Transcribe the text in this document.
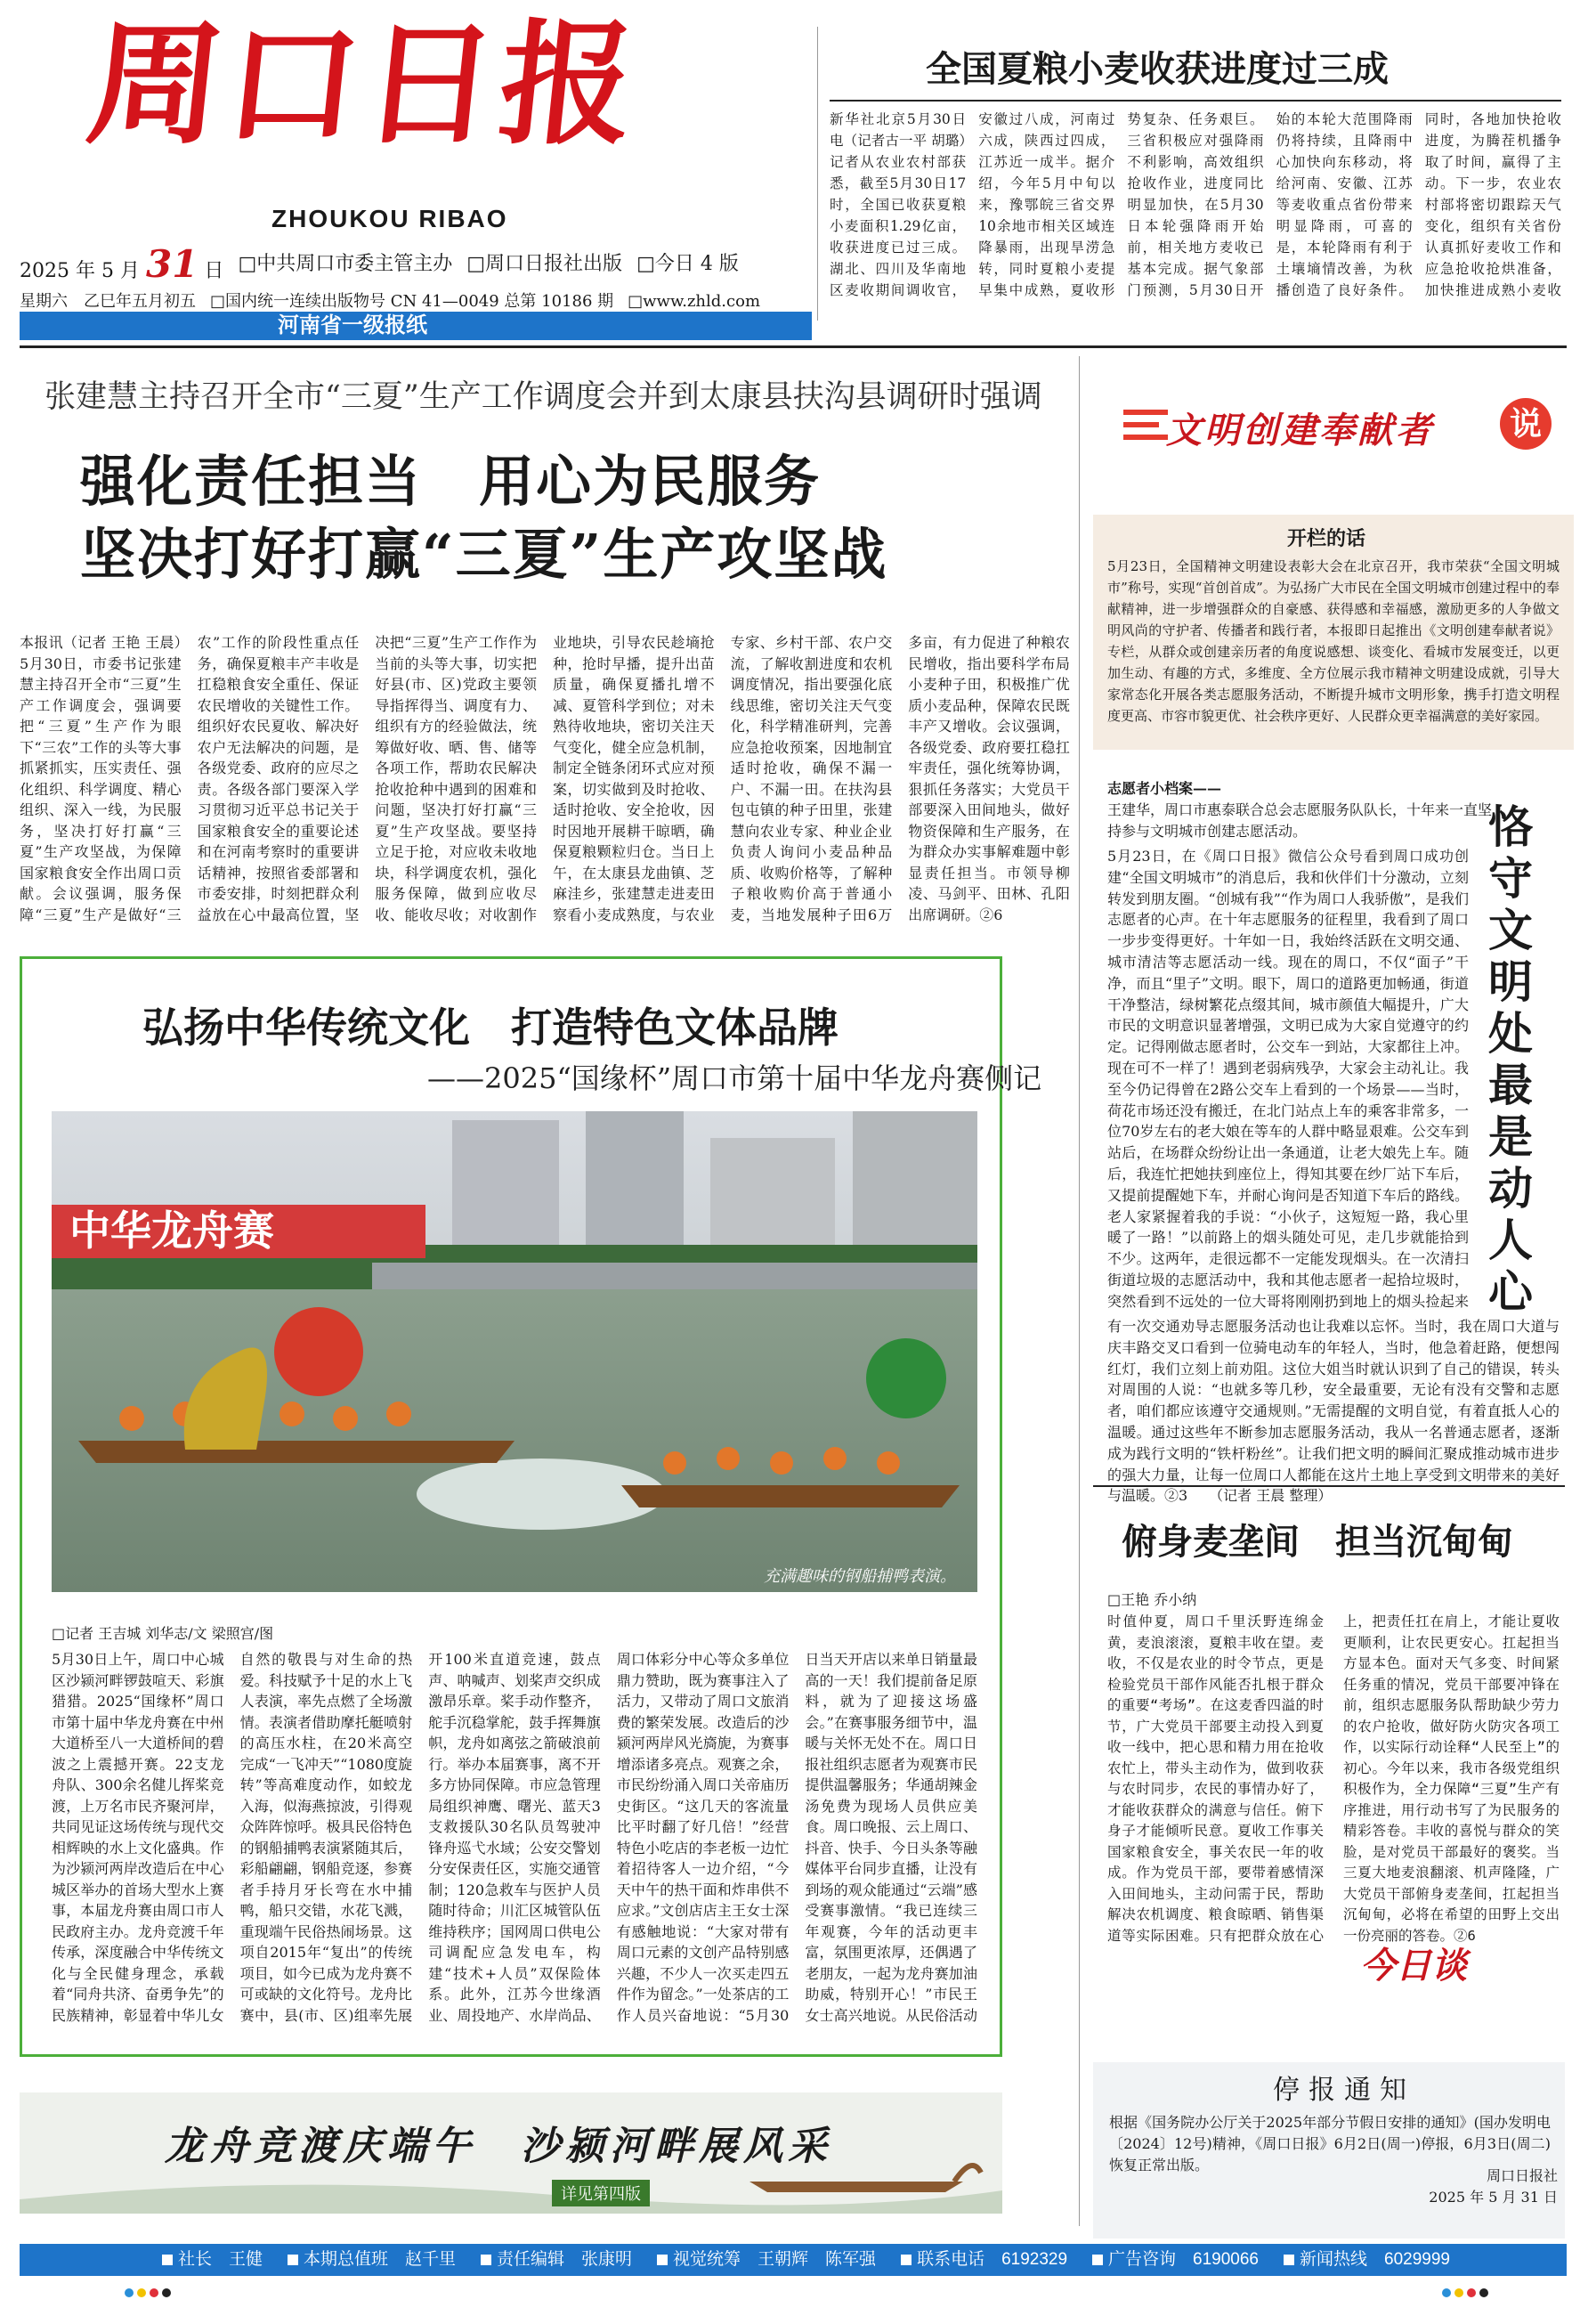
周口日报
ZHOUKOU RIBAO
2025 年 5 月 31 日 □中共周口市委主管主办 □周口日报社出版 □今日 4 版
星期六　乙巳年五月初五 □国内统一连续出版物号 CN 41—0049 总第 10186 期 □www.zhld.com
河南省一级报纸
全国夏粮小麦收获进度过三成
新华社北京5月30日电（记者古一平 胡璐）记者从农业农村部获悉，截至5月30日17时，全国已收获夏粮小麦面积1.29亿亩，收获进度已过三成。湖北、四川及华南地区麦收期间调收官，安徽过八成，河南过六成，陕西过四成，江苏近一成半。据介绍，今年5月中旬以来，豫鄂皖三省交界10余地市相关区域连降暴雨，出现旱涝急转，同时夏粮小麦提早集中成熟，夏收形势复杂、任务艰巨。三省积极应对强降雨不利影响，高效组织抢收作业，进度同比明显加快，在5月30日本轮强降雨开始前，相关地方麦收已基本完成。据气象部门预测，5月30日开始的本轮大范围降雨仍将持续，且降雨中心加快向东移动，将给河南、安徽、江苏等麦收重点省份带来明显降雨，可喜的是，本轮降雨有利于土壤墒情改善，为秋播创造了良好条件。同时，各地加快抢收进度，为腾茬机播争取了时间，赢得了主动。下一步，农业农村部将密切跟踪天气变化，组织有关省份认真抓好麦收工作和应急抢收抢烘准备，加快推进成熟小麦收
张建慧主持召开全市“三夏”生产工作调度会并到太康县扶沟县调研时强调
强化责任担当　用心为民服务
坚决打好打赢“三夏”生产攻坚战
本报讯（记者 王艳 王晨）5月30日，市委书记张建慧主持召开全市“三夏”生产工作调度会，强调要把“三夏”生产作为眼下“三农”工作的头等大事抓紧抓实，压实责任、强化组织、科学调度、精心组织、深入一线，为民服务，坚决打好打赢“三夏”生产攻坚战，为保障国家粮食安全作出周口贡献。会议强调，服务保障“三夏”生产是做好“三农”工作的阶段性重点任务，确保夏粮丰产丰收是扛稳粮食安全重任、保证农民增收的关键性工作。组织好农民夏收、解决好农户无法解决的问题，是各级党委、政府的应尽之责。各级各部门要深入学习贯彻习近平总书记关于国家粮食安全的重要论述和在河南考察时的重要讲话精神，按照省委部署和市委安排，时刻把群众利益放在心中最高位置，坚决把“三夏”生产工作作为当前的头等大事，切实把好县(市、区)党政主要领导指挥得当、调度有力、组织有方的经验做法，统筹做好收、晒、售、储等各项工作，帮助农民解决抢收抢种中遇到的困难和问题，坚决打好打赢“三夏”生产攻坚战。要坚持立足于抢，对应收未收地块，科学调度农机，强化服务保障，做到应收尽收、能收尽收；对收割作业地块，引导农民趁墒抢种，抢时早播，提升出苗质量，确保夏播扎增不减、夏管科学到位；对未熟待收地块，密切关注天气变化，健全应急机制，制定全链条闭环式应对预案，切实做到及时抢收、适时抢收、安全抢收，因时因地开展耕干晾晒，确保夏粮颗粒归仓。当日上午，在太康县龙曲镇、芝麻洼乡，张建慧走进麦田察看小麦成熟度，与农业专家、乡村干部、农户交流，了解收割进度和农机调度情况，指出要强化底线思维，密切关注天气变化，科学精准研判，完善应急抢收预案，因地制宜适时抢收，确保不漏一户、不漏一田。在扶沟县包屯镇的种子田里，张建慧向农业专家、种业企业负责人询问小麦品种品质、收购价格等，了解种子粮收购价高于普通小麦，当地发展种子田6万多亩，有力促进了种粮农民增收，指出要科学布局小麦种子田，积极推广优质小麦品种，保障农民既丰产又增收。会议强调，各级党委、政府要扛稳扛牢责任，强化统筹协调，狠抓任务落实；大党员干部要深入田间地头，做好物资保障和生产服务，在为群众办实事解难题中彰显责任担当。市领导柳凌、马剑平、田林、孔阳出席调研。②6
弘扬中华传统文化　打造特色文体品牌
——2025“国缘杯”周口市第十届中华龙舟赛侧记
中华龙舟赛
充满趣味的钢船捕鸭表演。
□记者 王吉城 刘华志/文 梁照宫/图
5月30日上午，周口中心城区沙颍河畔锣鼓喧天、彩旗猎猎。2025“国缘杯”周口市第十届中华龙舟赛在中州大道桥至八一大道桥间的碧波之上震撼开赛。22支龙舟队、300余名健儿挥桨竞渡，上万名市民齐聚河岸，共同见证这场传统与现代交相辉映的水上文化盛典。作为沙颍河两岸改造后在中心城区举办的首场大型水上赛事，本届龙舟赛由周口市人民政府主办。龙舟竞渡千年传承，深度融合中华传统文化与全民健身理念，承载着“同舟共济、奋勇争先”的民族精神，彰显着中华儿女自然的敬畏与对生命的热爱。科技赋予十足的水上飞人表演，率先点燃了全场激情。表演者借助摩托艇喷射的高压水柱，在20米高空完成“一飞冲天”“1080度旋转”等高难度动作，如蛟龙入海，似海燕掠波，引得观众阵阵惊呼。极具民俗特色的钢船捕鸭表演紧随其后，彩船翩翩，钢船竞逐，参赛者手持月牙长弯在水中捕鸭，船只交错，水花飞溅，重现端午民俗热闹场景。这项自2015年“复出”的传统项目，如今已成为龙舟赛不可或缺的文化符号。龙舟比赛中，县(市、区)组率先展开100米直道竞速，鼓点声、呐喊声、划桨声交织成激昂乐章。桨手动作整齐，舵手沉稳掌舵，鼓手挥舞旗帜，龙舟如离弦之箭破浪前行。举办本届赛事，离不开多方协同保障。市应急管理局组织神鹰、曙光、蓝天3支救援队30名队员驾驶冲锋舟巡弋水域；公安交警划分安保责任区，实施交通管制；120急救车与医护人员随时待命；川汇区城管队伍维持秩序；国网周口供电公司调配应急发电车，构建“技术+人员”双保险体系。此外，江苏今世缘酒业、周投地产、水岸尚品、周口体彩分中心等众多单位鼎力赞助，既为赛事注入了活力，又带动了周口文旅消费的繁荣发展。改造后的沙颍河两岸风光旖旎，为赛事增添诸多亮点。观赛之余，市民纷纷涌入周口关帝庙历史街区。“这几天的客流量比平时翻了好几倍！”经营特色小吃店的李老板一边忙着招待客人一边介绍，“今天中午的热干面和炸串供不应求。”文创店店主王女士深有感触地说：“大家对带有周口元素的文创产品特别感兴趣，不少人一次买走四五件作为留念。”一处茶店的工作人员兴奋地说：“5月30日当天开店以来单日销量最高的一天！我们提前备足原料，就为了迎接这场盛会。”在赛事服务细节中，温暖与关怀无处不在。周口日报社组织志愿者为观赛市民提供温馨服务；华通胡辣金汤免费为现场人员供应美食。周口晚报、云上周口、抖音、快手、今日头条等融媒体平台同步直播，让没有到场的观众能通过“云端”感受赛事激情。“我已连续三年观赛，今年的活动更丰富，氛围更浓厚，还偶遇了老朋友，一起为龙舟赛加油助威，特别开心！”市民王女士高兴地说。从民俗活动
龙舟竞渡庆端午　沙颍河畔展风采
详见第四版
文明创建奉献者	说
开栏的话
5月23日，全国精神文明建设表彰大会在北京召开，我市荣获“全国文明城市”称号，实现“首创首成”。为弘扬广大市民在全国文明城市创建过程中的奉献精神，进一步增强群众的自豪感、获得感和幸福感，激励更多的人争做文明风尚的守护者、传播者和践行者，本报即日起推出《文明创建奉献者说》专栏，从群众或创建亲历者的角度说感想、谈变化、看城市发展变迁，以更加生动、有趣的方式，多维度、全方位展示我市精神文明建设成就，引导大家常态化开展各类志愿服务活动，不断提升城市文明形象，携手打造文明程度更高、市容市貌更优、社会秩序更好、人民群众更幸福满意的美好家园。
志愿者小档案——
王建华，周口市惠泰联合总会志愿服务队队长，十年来一直坚持参与文明城市创建志愿活动。	恪守文明处　最是动人心
5月23日，在《周口日报》微信公众号看到周口成功创建“全国文明城市”的消息后，我和伙伴们十分激动，立刻转发到朋友圈。“创城有我”“作为周口人我骄傲”，是我们志愿者的心声。在十年志愿服务的征程里，我看到了周口一步步变得更好。十年如一日，我始终活跃在文明交通、城市清洁等志愿活动一线。现在的周口，不仅“面子”干净，而且“里子”文明。眼下，周口的道路更加畅通，街道干净整洁，绿树繁花点缀其间，城市颜值大幅提升，广大市民的文明意识显著增强，文明已成为大家自觉遵守的约定。记得刚做志愿者时，公交车一到站，大家都往上冲。现在可不一样了！遇到老弱病残孕，大家会主动礼让。我至今仍记得曾在2路公交车上看到的一个场景——当时，荷花市场还没有搬迁，在北门站点上车的乘客非常多，一位70岁左右的老大娘在等车的人群中略显艰难。公交车到站后，在场群众纷纷让出一条通道，让老大娘先上车。随后，我连忙把她扶到座位上，得知其要在纱厂站下车后，又提前提醒她下车，并耐心询问是否知道下车后的路线。老人家紧握着我的手说：“小伙子，这短短一路，我心里暖了一路！”以前路上的烟头随处可见，走几步就能拾到不少。这两年，走很远都不一定能发现烟头。在一次清扫街道垃圾的志愿活动中，我和其他志愿者一起拾垃圾时，突然看到不远处的一位大哥将刚刚扔到地上的烟头捡起来
有一次交通劝导志愿服务活动也让我难以忘怀。当时，我在周口大道与庆丰路交叉口看到一位骑电动车的年轻人，当时，他急着赶路，便想闯红灯，我们立刻上前劝阻。这位大姐当时就认识到了自己的错误，转头对周围的人说：“也就多等几秒，安全最重要，无论有没有交警和志愿者，咱们都应该遵守交通规则。”无需提醒的文明自觉，有着直抵人心的温暖。通过这些年不断参加志愿服务活动，我从一名普通志愿者，逐渐成为践行文明的“铁杆粉丝”。让我们把文明的瞬间汇聚成推动城市进步的强大力量，让每一位周口人都能在这片土地上享受到文明带来的美好与温暖。②3　　（记者 王晨 整理）
俯身麦垄间　担当沉甸甸
□王艳 乔小纳
时值仲夏，周口千里沃野连绵金黄，麦浪滚滚，夏粮丰收在望。麦收，不仅是农业的时令节点，更是检验党员干部作风能否扎根于群众的重要“考场”。在这麦香四溢的时节，广大党员干部要主动投入到夏收一线中，把心思和精力用在抢收农忙上，带头主动作为，做到收获与农时同步，农民的事情办好了，才能收获群众的满意与信任。俯下身子才能倾听民意。夏收工作事关国家粮食安全，事关农民一年的收成。作为党员干部，要带着感情深入田间地头，主动问需于民，帮助解决农机调度、粮食晾晒、销售渠道等实际困难。只有把群众放在心上，把责任扛在肩上，才能让夏收更顺利，让农民更安心。扛起担当方显本色。面对天气多变、时间紧任务重的情况，党员干部要冲锋在前，组织志愿服务队帮助缺少劳力的农户抢收，做好防火防灾各项工作，以实际行动诠释“人民至上”的初心。今年以来，我市各级党组织积极作为，全力保障“三夏”生产有序推进，用行动书写了为民服务的精彩答卷。丰收的喜悦与群众的笑脸，是对党员干部最好的褒奖。当三夏大地麦浪翻滚、机声隆隆，广大党员干部俯身麦垄间，扛起担当沉甸甸，必将在希望的田野上交出一份亮丽的答卷。②6
今日谈
停报通知
根据《国务院办公厅关于2025年部分节假日安排的通知》(国办发明电〔2024〕12号)精神，《周口日报》6月2日(周一)停报，6月3日(周二)恢复正常出版。
周口日报社
2025 年 5 月 31 日
社长　王健	本期总值班　赵千里	责任编辑　张康明	视觉统筹　王朝辉　陈军强	联系电话　6192329	广告咨询　6190066	新闻热线　6029999
